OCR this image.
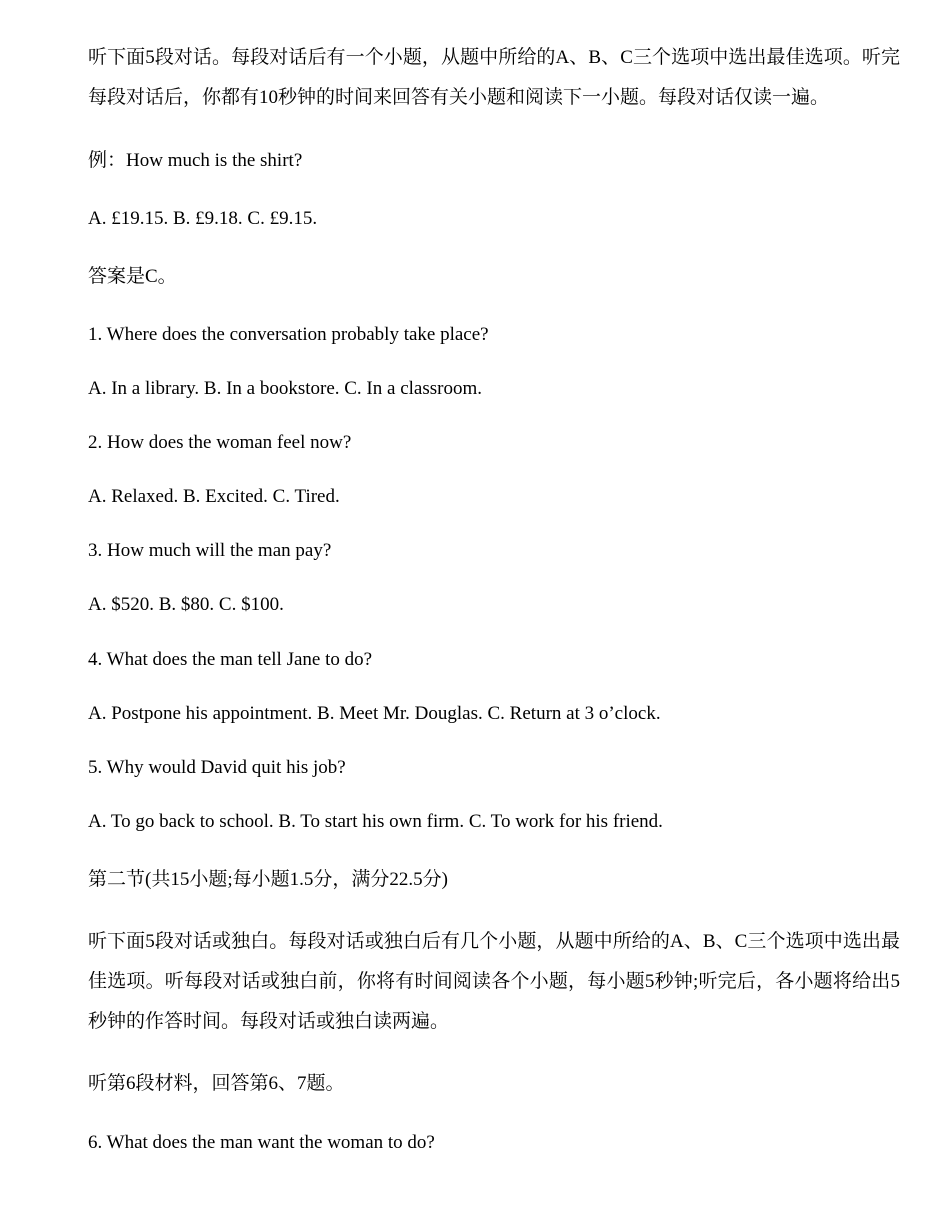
听下面5段对话。每段对话后有一个小题，从题中所给的A、B、C三个选项中选出最佳选项。听完每段对话后，你都有10秒钟的时间来回答有关小题和阅读下一小题。每段对话仅读一遍。
例：How much is the shirt?
A. £19.15. B. £9.18. C. £9.15.
答案是C。
1. Where does the conversation probably take place?
A. In a library. B. In a bookstore. C. In a classroom.
2. How does the woman feel now?
A. Relaxed. B. Excited. C. Tired.
3. How much will the man pay?
A. $520. B. $80. C. $100.
4. What does the man tell Jane to do?
A. Postpone his appointment. B. Meet Mr. Douglas. C. Return at 3 o’clock.
5. Why would David quit his job?
A. To go back to school. B. To start his own firm. C. To work for his friend.
第二节(共15小题;每小题1.5分，满分22.5分)
听下面5段对话或独白。每段对话或独白后有几个小题，从题中所给的A、B、C三个选项中选出最佳选项。听每段对话或独白前，你将有时间阅读各个小题，每小题5秒钟;听完后，各小题将给出5秒钟的作答时间。每段对话或独白读两遍。
听第6段材料，回答第6、7题。
6. What does the man want the woman to do?
